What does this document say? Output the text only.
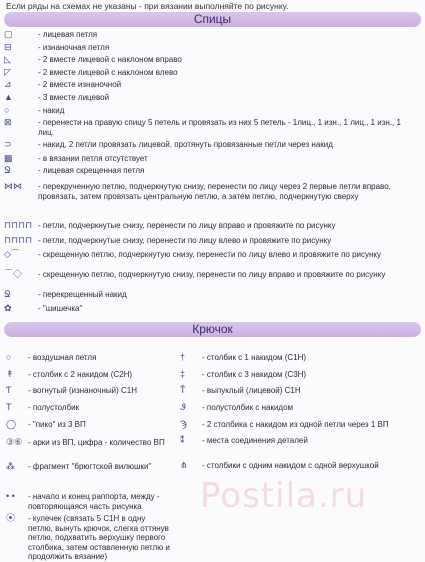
Если ряды на схемах не указаны - при вязании выполняйте по рисунку.
Спицы
▢	- лицевая петля
⊟	- изнаночная петля
◺	- 2 вместе лицевой с наклоном вправо
◸	- 2 вместе лицевой с наклоном влево
⊿	- 2 вместе изнаночной
▲	- 3 вместе лицевой
○	- накид
⊠	- перенести на правую спицу 5 петель и провязать из них 5 петель - 1лиц., 1 изн., 1 лиц., 1 изн., 1 лиц.
⊃	- накид, 2 петли провязать лицевой, протянуть провязанные петли через накид
▩	- в вязании петля отсутствует
Ջ	- лицевая скрещенная петля
⋈⋈	- перекрученную петлю, подчеркнутую снизу, перенести по лицу через 2 первые петли вправо, провязать, затем провязать центральную петлю, а затем петлю, подчеркнутую сверху
⊓⊓⊓⊓ - петли, подчеркнутые снизу, перенести по лицу вправо и провяжите по рисунку
⊓⊓⊓⊓ - петли, подчеркнутые снизу, перенести по лицу влево и провяжите по рисунку
◇⌒	- скрещенную петлю, подчеркнутую снизу, перенести по лицу влево и провяжите по рисунку
⌒◇	- скрещенную петлю, подчеркнутую снизу, перенести по лицу вправо и провяжите по рисунку
Ջ	- перекрещенный накид
✿	- "шишечка"
Крючок
○	- воздушная петля
↟	- столбик с 2 накидом (С2Н)
Ƭ	- вогнутый (изнаночный) С1Н
T	- полустолбик
◯	- "пико" из 3 ВП
③⑥ - арки из ВП, цифра - количество ВП
⁂	- фрагмент "брюгтской вилюшки"
• •	- начало и конец раппорта, между - повторяющаяся часть рисунка
⦿	- кулечек (связать 5 С1Н в одну петлю, вынуть крючок, слегка оттянув петлю, подхватить верхушку первого столбика, затем оставленную петлю и продолжить вязание)
†	- столбик с 1 накидом (С1Н)
‡	- столбик с 3 накидом (С3Н)
Ť	- выпуклый (лицевой) С1Н
Ꮽ	- полустолбик с накидом
Ϡ	- 2 столбика с накидом из одной петли через 1 ВП
⁑	- места соединения деталей
⋔	- столбики с одним накидом с одной верхушкой
Postila.ru
